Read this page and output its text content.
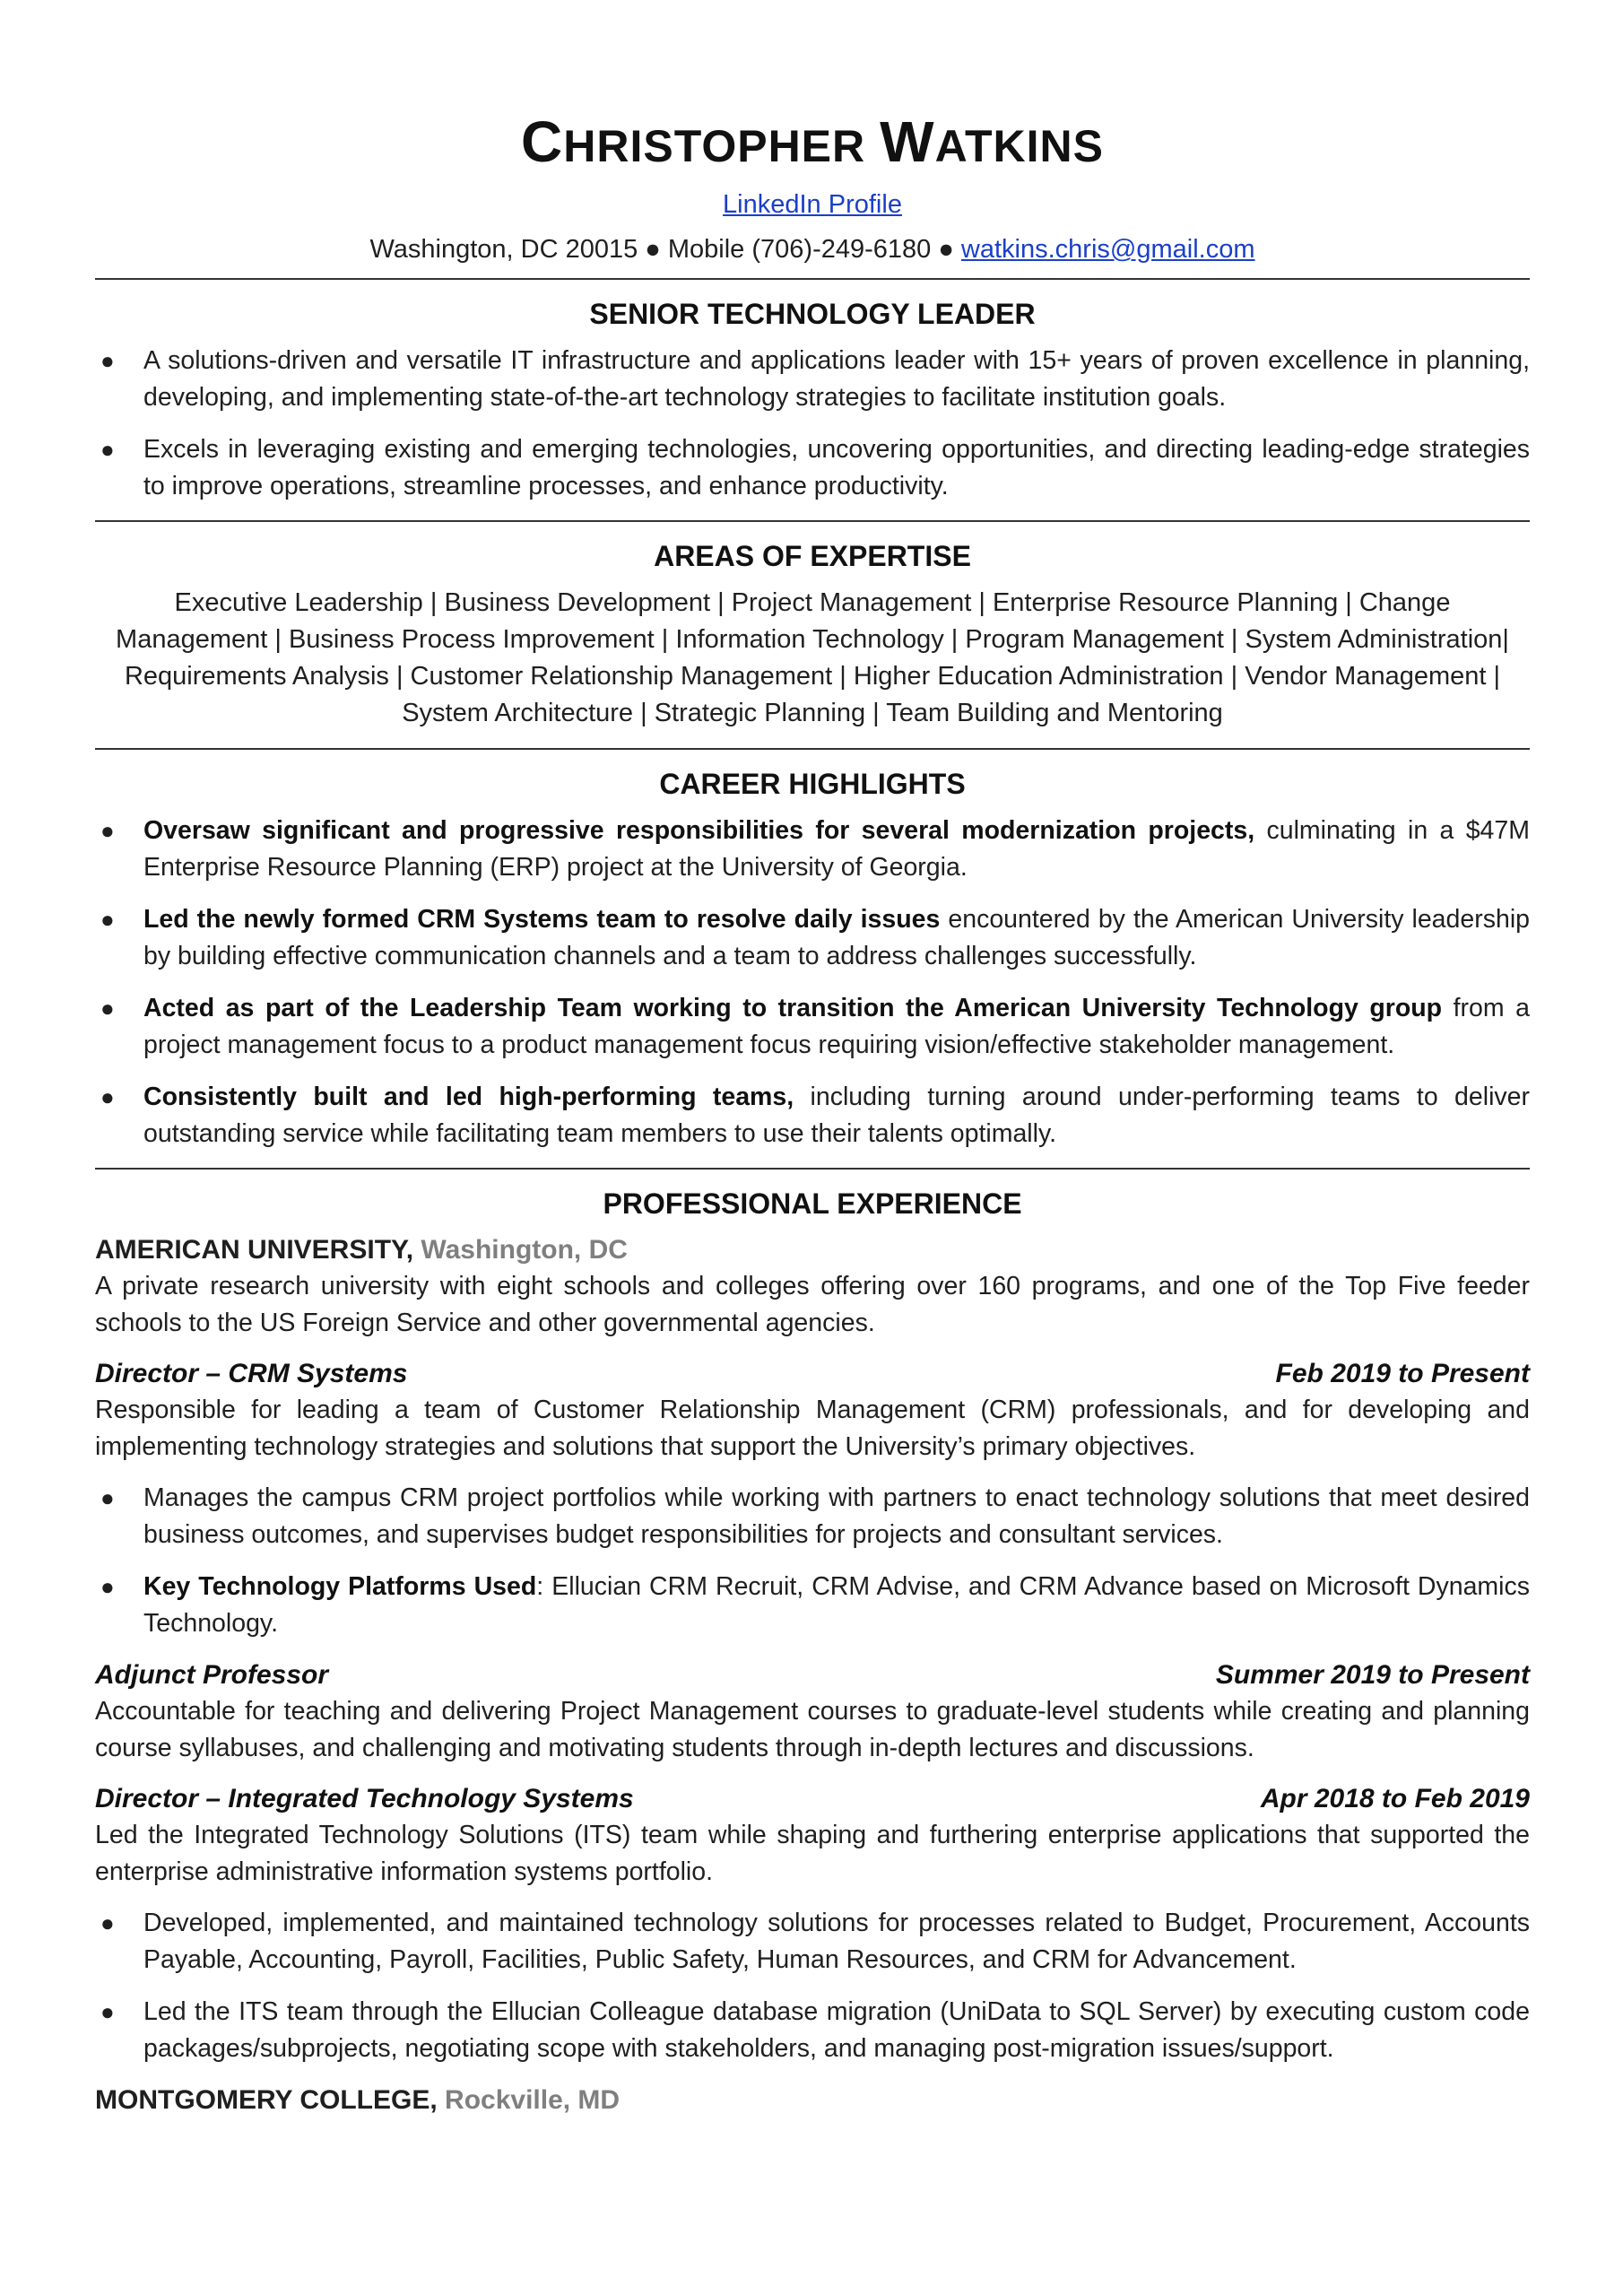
CHRISTOPHER WATKINS
LinkedIn Profile
Washington, DC 20015 ● Mobile (706)-249-6180 ● watkins.chris@gmail.com
SENIOR TECHNOLOGY LEADER
● A solutions-driven and versatile IT infrastructure and applications leader with 15+ years of proven excellence in planning, developing, and implementing state-of-the-art technology strategies to facilitate institution goals.
● Excels in leveraging existing and emerging technologies, uncovering opportunities, and directing leading-edge strategies to improve operations, streamline processes, and enhance productivity.
AREAS OF EXPERTISE
Executive Leadership | Business Development | Project Management | Enterprise Resource Planning | Change Management | Business Process Improvement | Information Technology | Program Management | System Administration| Requirements Analysis | Customer Relationship Management | Higher Education Administration | Vendor Management | System Architecture | Strategic Planning | Team Building and Mentoring
CAREER HIGHLIGHTS
● Oversaw significant and progressive responsibilities for several modernization projects, culminating in a $47M Enterprise Resource Planning (ERP) project at the University of Georgia.
● Led the newly formed CRM Systems team to resolve daily issues encountered by the American University leadership by building effective communication channels and a team to address challenges successfully.
● Acted as part of the Leadership Team working to transition the American University Technology group from a project management focus to a product management focus requiring vision/effective stakeholder management.
● Consistently built and led high-performing teams, including turning around under-performing teams to deliver outstanding service while facilitating team members to use their talents optimally.
PROFESSIONAL EXPERIENCE
AMERICAN UNIVERSITY, Washington, DC
A private research university with eight schools and colleges offering over 160 programs, and one of the Top Five feeder schools to the US Foreign Service and other governmental agencies.
Director – CRM Systems	Feb 2019 to Present
Responsible for leading a team of Customer Relationship Management (CRM) professionals, and for developing and implementing technology strategies and solutions that support the University’s primary objectives.
● Manages the campus CRM project portfolios while working with partners to enact technology solutions that meet desired business outcomes, and supervises budget responsibilities for projects and consultant services.
● Key Technology Platforms Used: Ellucian CRM Recruit, CRM Advise, and CRM Advance based on Microsoft Dynamics Technology.
Adjunct Professor	Summer 2019 to Present
Accountable for teaching and delivering Project Management courses to graduate-level students while creating and planning course syllabuses, and challenging and motivating students through in-depth lectures and discussions.
Director – Integrated Technology Systems	Apr 2018 to Feb 2019
Led the Integrated Technology Solutions (ITS) team while shaping and furthering enterprise applications that supported the enterprise administrative information systems portfolio.
● Developed, implemented, and maintained technology solutions for processes related to Budget, Procurement, Accounts Payable, Accounting, Payroll, Facilities, Public Safety, Human Resources, and CRM for Advancement.
● Led the ITS team through the Ellucian Colleague database migration (UniData to SQL Server) by executing custom code packages/subprojects, negotiating scope with stakeholders, and managing post-migration issues/support.
MONTGOMERY COLLEGE, Rockville, MD
